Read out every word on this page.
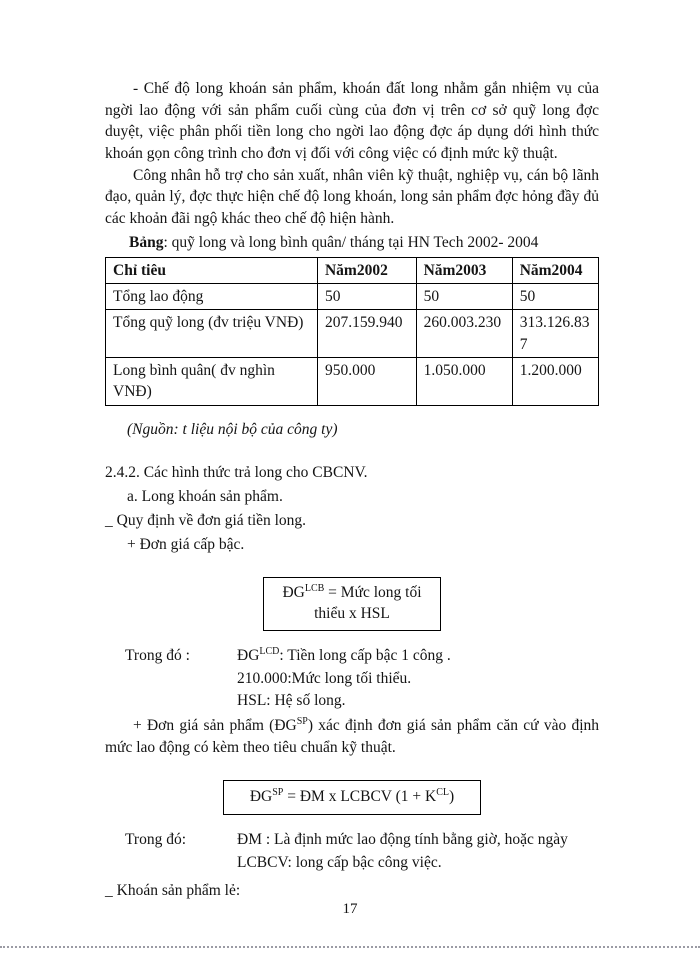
- Chế độ long khoán sản phẩm, khoán đất long nhằm gắn nhiệm vụ của ngời lao động với sản phẩm cuối cùng của đơn vị trên cơ sở quỹ long đợc duyệt, việc phân phối tiền long cho ngời lao động đợc áp dụng dới hình thức khoán gọn công trình cho đơn vị đối với công việc có định mức kỹ thuật.

Công nhân hỗ trợ cho sản xuất, nhân viên kỹ thuật, nghiệp vụ, cán bộ lãnh đạo, quản lý, đợc thực hiện chế độ long khoán, long sản phẩm đợc hỏng đầy đủ các khoản đãi ngộ khác theo chế độ hiện hành.

Bảng: quỹ long và long bình quân/ tháng tại HN Tech 2002- 2004

Chỉ tiêu	Năm2002	Năm2003	Năm2004
Tổng lao động	50	50	50
Tổng quỹ long (đv triệu VNĐ)	207.159.940	260.003.230	313.126.837
Long bình quân( đv nghìn VNĐ)	950.000	1.050.000	1.200.000

(Nguồn: t liệu nội bộ của công ty)

2.4.2. Các hình thức trả long cho CBCNV.

a. Long khoán sản phẩm.

_ Quy định về đơn giá tiền long.

+ Đơn giá cấp bậc.

$ĐG^{LCB}$ = Mức long tối
thiểu x HSL
Trong đó :	$ĐG^{LCD}$: Tiền long cấp bậc 1 công .
210.000:Mức long tối thiểu.
HSL: Hệ số long.

+ Đơn giá sản phẩm $(ĐG^{SP})$ xác định đơn giá sản phẩm căn cứ vào định mức lao động có kèm theo tiêu chuẩn kỹ thuật.

$ĐG^{SP}$ = ĐM x LCBCV $(1 + K^{CL})$
Trong đó:	ĐM : Là định mức lao động tính bằng giờ, hoặc ngày
LCBCV: long cấp bậc công việc.

_ Khoán sản phẩm lẻ:

17
